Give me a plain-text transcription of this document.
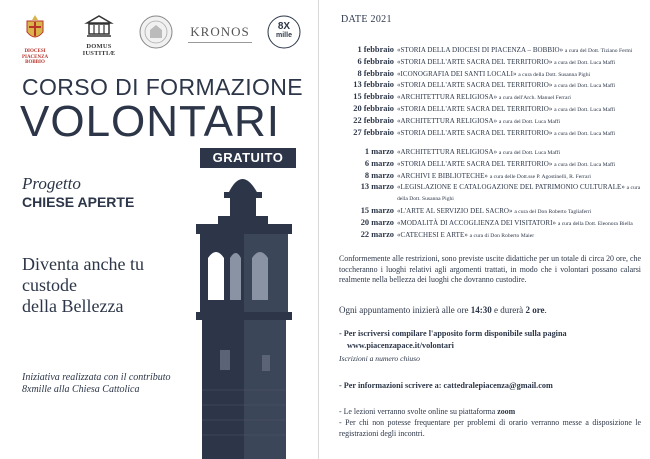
DIOCESI
PIACENZA
BOBBIO
DOMUS IUSTITIÆ
KRONOS	8X
mille
CORSO DI FORMAZIONE
VOLONTARI
GRATUITO
Progetto
CHIESE APERTE
Diventa anche tu
custode
della Bellezza
Iniziativa realizzata con il contributo
8xmille alla Chiesa Cattolica
DATE 2021
1 febbraio «STORIA DELLA DIOCESI DI PIACENZA – BOBBIO» a cura del Dott. Tiziano Fermi
6 febbraio «STORIA DELL'ARTE SACRA DEL TERRITORIO» a cura del Dott. Luca Maffi
8 febbraio «ICONOGRAFIA DEI SANTI LOCALI» a cura della Dott. Susanna Pighi
13 febbraio «STORIA DELL'ARTE SACRA DEL TERRITORIO» a cura del Dott. Luca Maffi
15 febbraio «ARCHITETTURA RELIGIOSA» a cura dell'Arch. Manuel Ferrari
20 febbraio «STORIA DELL'ARTE SACRA DEL TERRITORIO» a cura del Dott. Luca Maffi
22 febbraio «ARCHITETTURA RELIGIOSA» a cura del Dott. Luca Maffi
27 febbraio «STORIA DELL'ARTE SACRA DEL TERRITORIO» a cura del Dott. Luca Maffi
1 marzo «ARCHITETTURA RELIGIOSA» a cura del Dott. Luca Maffi
6 marzo «STORIA DELL'ARTE SACRA DEL TERRITORIO» a cura del Dott. Luca Maffi
8 marzo «ARCHIVI E BIBLIOTECHE» a cura delle Dott.sse P. Agostinelli, R. Ferrari
13 marzo «LEGISLAZIONE E CATALOGAZIONE DEL PATRIMONIO CULTURALE» a cura
della Dott. Susanna Pighi
15 marzo «L'ARTE AL SERVIZIO DEL SACRO» a cura del Don Roberto Tagliaferri
20 marzo «MODALITÀ DI ACCOGLIENZA DEI VISITATORI» a cura della Dott. Eleonora Biella
22 marzo «CATECHESI E ARTE» a cura di Don Roberto Maier
Conformemente alle restrizioni, sono previste uscite didattiche per un totale di circa 20 ore, che toccheranno i luoghi relativi agli argomenti trattati, in modo che i volontari possano calarsi realmente nella bellezza dei luoghi che dovranno custodire.
Ogni appuntamento inizierà alle ore 14:30 e durerà 2 ore.
- Per iscriversi compilare l'apposito form disponibile sulla pagina
www.piacenzapace.it/volontari
Iscrizioni a numero chiuso
- Per informazioni scrivere a: cattedralepiacenza@gmail.com
- Le lezioni verranno svolte online su piattaforma zoom
- Per chi non potesse frequentare per problemi di orario verranno messe a disposizione le registrazioni degli incontri.
